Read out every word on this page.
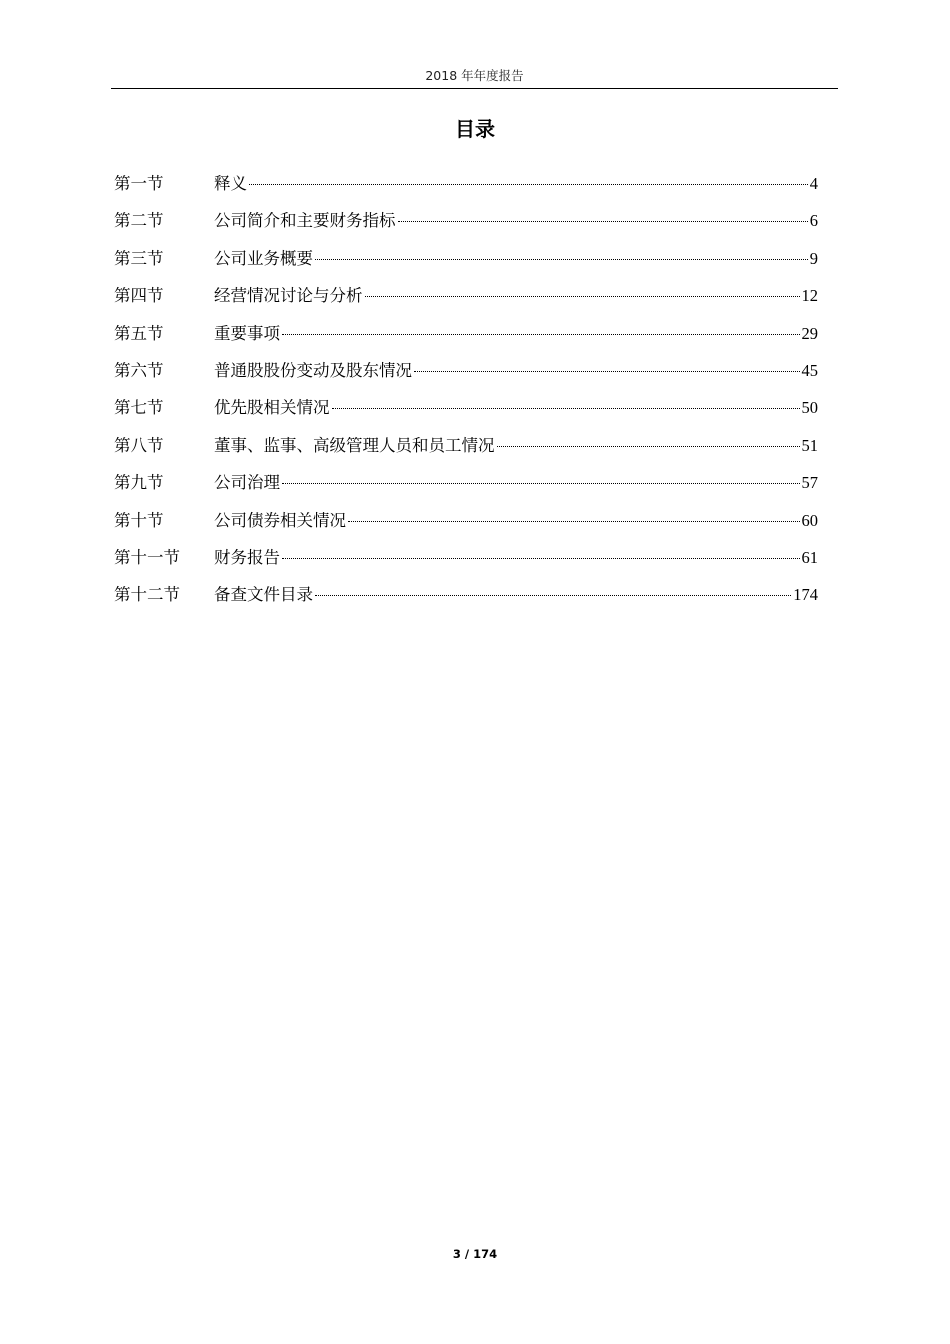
2018 年年度报告
目录
第一节	释义	4
第二节	公司简介和主要财务指标	6
第三节	公司业务概要	9
第四节	经营情况讨论与分析	12
第五节	重要事项	29
第六节	普通股股份变动及股东情况	45
第七节	优先股相关情况	50
第八节	董事、监事、高级管理人员和员工情况	51
第九节	公司治理	57
第十节	公司债券相关情况	60
第十一节	财务报告	61
第十二节	备查文件目录	174
3 / 174
